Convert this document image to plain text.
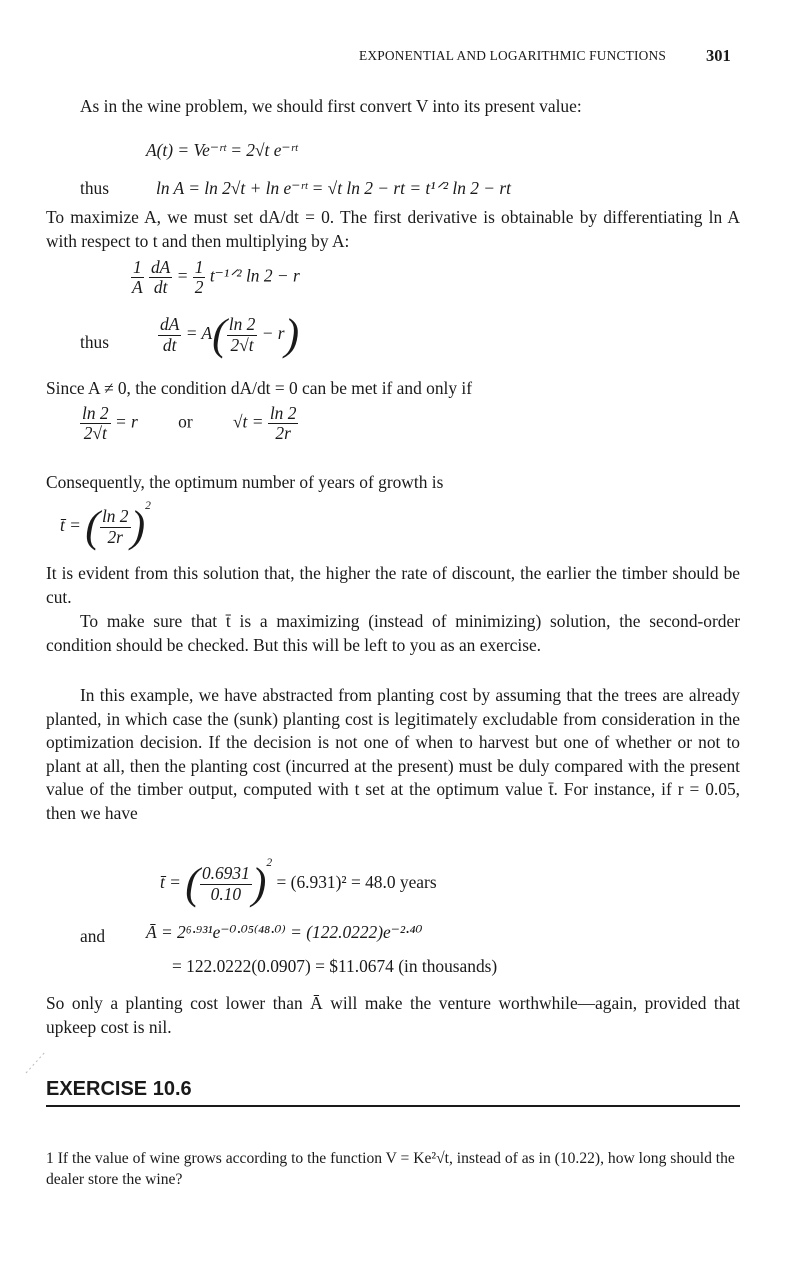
EXPONENTIAL AND LOGARITHMIC FUNCTIONS 301
As in the wine problem, we should first convert V into its present value:
A(t) = Ve⁻ʳᵗ = 2√t e⁻ʳᵗ
thus	ln A = ln 2√t + ln e⁻ʳᵗ = √t ln 2 − rt = t¹ᐟ² ln 2 − rt
To maximize A, we must set dA/dt = 0. The first derivative is obtainable by differentiating ln A with respect to t and then multiplying by A:
$\frac{1}{A}$
$\frac{dA}{dt} = \frac{1}{2}$ t⁻¹ᐟ² ln 2 − r
thus	$\frac{dA}{dt} = A( \frac{\ln 2}{2√t} - r)$
Since A ≠ 0, the condition dA/dt = 0 can be met if and only if
$\frac{\ln 2}{2√t} = r$ or $√t = \frac{\ln 2}{2r}$
Consequently, the optimum number of years of growth is
t̄ = ( $\frac{\ln 2}{2r} )^2$
It is evident from this solution that, the higher the rate of discount, the earlier the timber should be cut.
To make sure that t̄ is a maximizing (instead of minimizing) solution, the second-order condition should be checked. But this will be left to you as an exercise.
In this example, we have abstracted from planting cost by assuming that the trees are already planted, in which case the (sunk) planting cost is legitimately excludable from consideration in the optimization decision. If the decision is not one of when to harvest but one of whether or not to plant at all, then the planting cost (incurred at the present) must be duly compared with the present value of the timber output, computed with t set at the optimum value t̄. For instance, if r = 0.05, then we have
t̄ = ( $\frac{0.6931}{0.10} )^2 = (6.931)^2 = 48.0$ years
and Ā = 2⁶·⁹³¹e⁻⁰·⁰⁵⁽⁴⁸·⁰⁾ = (122.0222)e⁻²·⁴⁰
= 122.0222(0.0907) = $11.0674 (in thousands)
So only a planting cost lower than Ā will make the venture worthwhile—again, provided that upkeep cost is nil.
EXERCISE 10.6
1 If the value of wine grows according to the function V = Ke²√t, instead of as in (10.22), how long should the dealer store the wine?
